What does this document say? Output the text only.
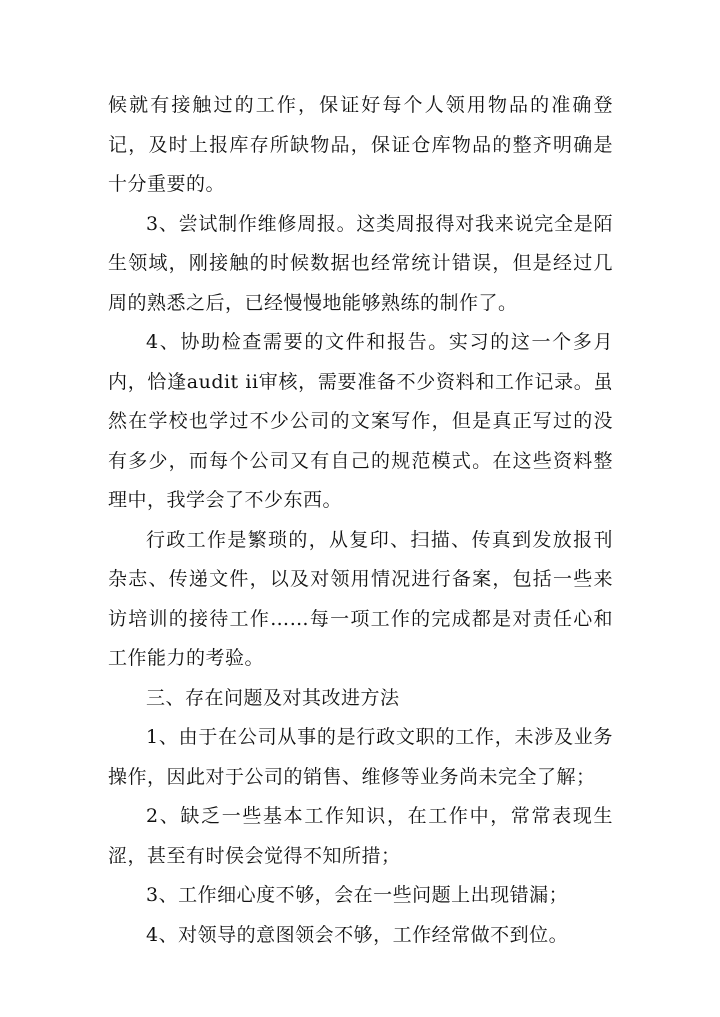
候就有接触过的工作，保证好每个人领用物品的准确登记，及时上报库存所缺物品，保证仓库物品的整齐明确是十分重要的。

3、尝试制作维修周报。这类周报得对我来说完全是陌生领域，刚接触的时候数据也经常统计错误，但是经过几周的熟悉之后，已经慢慢地能够熟练的制作了。

4、协助检查需要的文件和报告。实习的这一个多月内，恰逢audit ii审核，需要准备不少资料和工作记录。虽然在学校也学过不少公司的文案写作，但是真正写过的没有多少，而每个公司又有自己的规范模式。在这些资料整理中，我学会了不少东西。

行政工作是繁琐的，从复印、扫描、传真到发放报刊杂志、传递文件，以及对领用情况进行备案，包括一些来访培训的接待工作……每一项工作的完成都是对责任心和工作能力的考验。

三、存在问题及对其改进方法

1、由于在公司从事的是行政文职的工作，未涉及业务操作，因此对于公司的销售、维修等业务尚未完全了解；

2、缺乏一些基本工作知识，在工作中，常常表现生涩，甚至有时侯会觉得不知所措；

3、工作细心度不够，会在一些问题上出现错漏；

4、对领导的意图领会不够，工作经常做不到位。
